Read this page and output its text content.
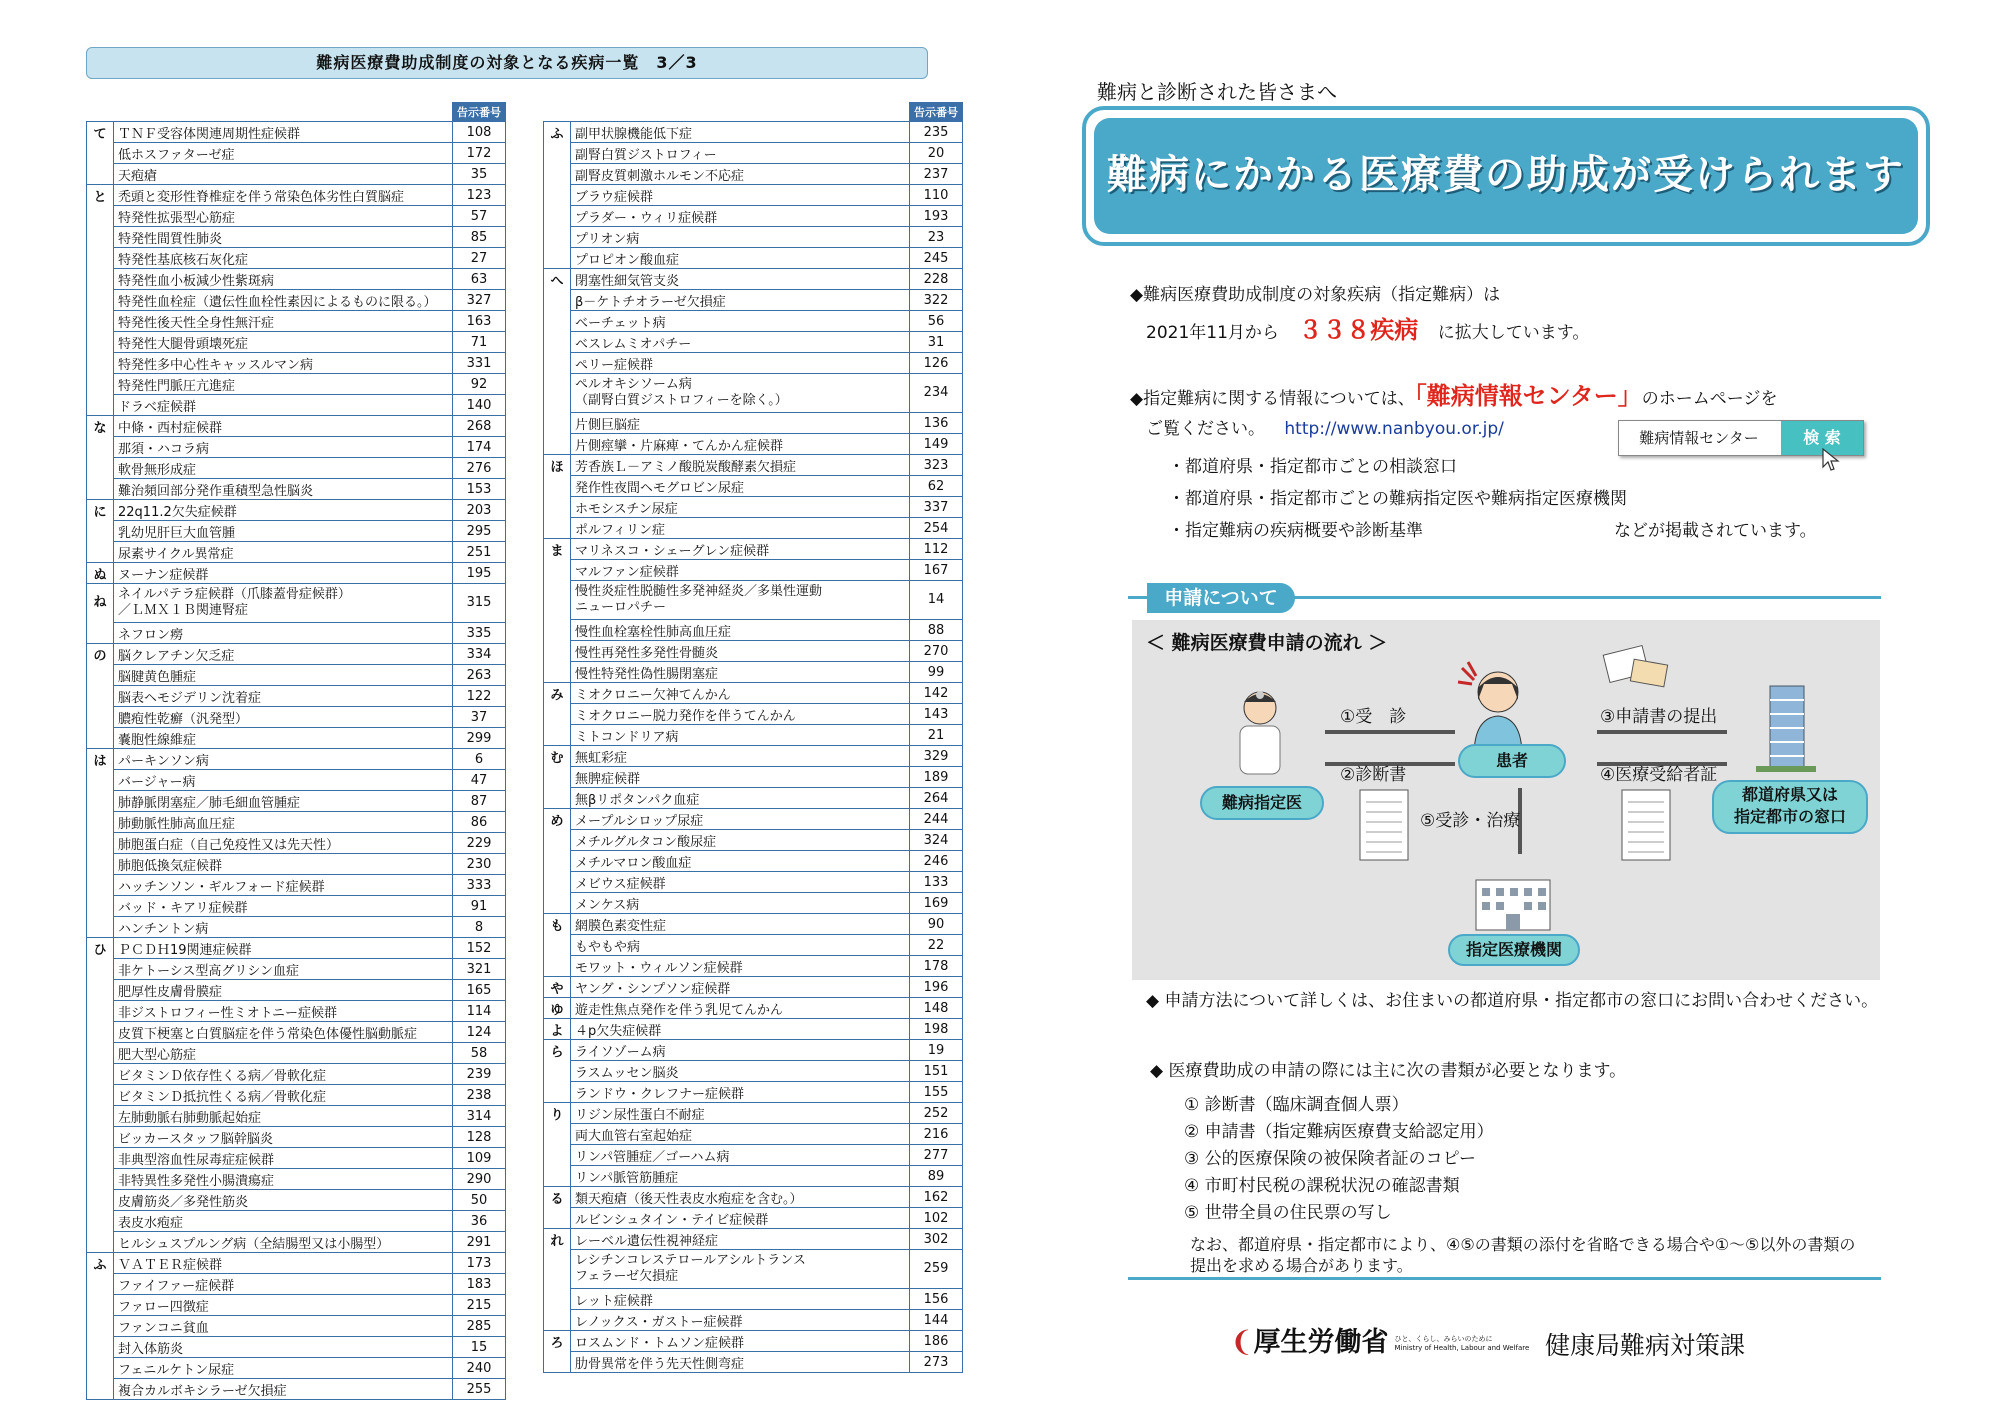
難病医療費助成制度の対象となる疾病一覧　3／3
		告示番号
て	ＴＮＦ受容体関連周期性症候群	108
	低ホスファターゼ症	172
	天疱瘡	35
と	禿頭と変形性脊椎症を伴う常染色体劣性白質脳症	123
	特発性拡張型心筋症	57
	特発性間質性肺炎	85
	特発性基底核石灰化症	27
	特発性血小板減少性紫斑病	63
	特発性血栓症（遺伝性血栓性素因によるものに限る。）	327
	特発性後天性全身性無汗症	163
	特発性大腿骨頭壊死症	71
	特発性多中心性キャッスルマン病	331
	特発性門脈圧亢進症	92
	ドラベ症候群	140
な	中條・西村症候群	268
	那須・ハコラ病	174
	軟骨無形成症	276
	難治頻回部分発作重積型急性脳炎	153
に	22q11.2欠失症候群	203
	乳幼児肝巨大血管腫	295
	尿素サイクル異常症	251
ぬ	ヌーナン症候群	195
ね	ネイルパテラ症候群（爪膝蓋骨症候群）
／ＬＭＸ１Ｂ関連腎症	315
	ネフロン癆	335
の	脳クレアチン欠乏症	334
	脳腱黄色腫症	263
	脳表ヘモジデリン沈着症	122
	膿疱性乾癬（汎発型）	37
	嚢胞性線維症	299
は	パーキンソン病	6
	バージャー病	47
	肺静脈閉塞症／肺毛細血管腫症	87
	肺動脈性肺高血圧症	86
	肺胞蛋白症（自己免疫性又は先天性）	229
	肺胞低換気症候群	230
	ハッチンソン・ギルフォード症候群	333
	バッド・キアリ症候群	91
	ハンチントン病	8
ひ	ＰＣＤＨ19関連症候群	152
	非ケトーシス型高グリシン血症	321
	肥厚性皮膚骨膜症	165
	非ジストロフィー性ミオトニー症候群	114
	皮質下梗塞と白質脳症を伴う常染色体優性脳動脈症	124
	肥大型心筋症	58
	ビタミンＤ依存性くる病／骨軟化症	239
	ビタミンＤ抵抗性くる病／骨軟化症	238
	左肺動脈右肺動脈起始症	314
	ビッカースタッフ脳幹脳炎	128
	非典型溶血性尿毒症症候群	109
	非特異性多発性小腸潰瘍症	290
	皮膚筋炎／多発性筋炎	50
	表皮水疱症	36
	ヒルシュスプルング病（全結腸型又は小腸型）	291
ふ	ＶＡＴＥＲ症候群	173
	ファイファー症候群	183
	ファロー四徴症	215
	ファンコニ貧血	285
	封入体筋炎	15
	フェニルケトン尿症	240
	複合カルボキシラーゼ欠損症	255
		告示番号
ふ	副甲状腺機能低下症	235
	副腎白質ジストロフィー	20
	副腎皮質刺激ホルモン不応症	237
	ブラウ症候群	110
	プラダー・ウィリ症候群	193
	プリオン病	23
	プロピオン酸血症	245
へ	閉塞性細気管支炎	228
	β－ケトチオラーゼ欠損症	322
	ベーチェット病	56
	ベスレムミオパチー	31
	ペリー症候群	126
	ペルオキシソーム病
（副腎白質ジストロフィーを除く。）	234
	片側巨脳症	136
	片側痙攣・片麻痺・てんかん症候群	149
ほ	芳香族Ｌ－アミノ酸脱炭酸酵素欠損症	323
	発作性夜間ヘモグロビン尿症	62
	ホモシスチン尿症	337
	ポルフィリン症	254
ま	マリネスコ・シェーグレン症候群	112
	マルファン症候群	167
	慢性炎症性脱髄性多発神経炎／多巣性運動
ニューロパチー	14
	慢性血栓塞栓性肺高血圧症	88
	慢性再発性多発性骨髄炎	270
	慢性特発性偽性腸閉塞症	99
み	ミオクロニー欠神てんかん	142
	ミオクロニー脱力発作を伴うてんかん	143
	ミトコンドリア病	21
む	無虹彩症	329
	無脾症候群	189
	無βリポタンパク血症	264
め	メープルシロップ尿症	244
	メチルグルタコン酸尿症	324
	メチルマロン酸血症	246
	メビウス症候群	133
	メンケス病	169
も	網膜色素変性症	90
	もやもや病	22
	モワット・ウィルソン症候群	178
や	ヤング・シンプソン症候群	196
ゆ	遊走性焦点発作を伴う乳児てんかん	148
よ	４p欠失症候群	198
ら	ライソゾーム病	19
	ラスムッセン脳炎	151
	ランドウ・クレフナー症候群	155
り	リジン尿性蛋白不耐症	252
	両大血管右室起始症	216
	リンパ管腫症／ゴーハム病	277
	リンパ脈管筋腫症	89
る	類天疱瘡（後天性表皮水疱症を含む。）	162
	ルビンシュタイン・テイビ症候群	102
れ	レーベル遺伝性視神経症	302
	レシチンコレステロールアシルトランス
フェラーゼ欠損症	259
	レット症候群	156
	レノックス・ガストー症候群	144
ろ	ロスムンド・トムソン症候群	186
	肋骨異常を伴う先天性側弯症	273
難病と診断された皆さまへ
難病にかかる医療費の助成が受けられます
◆難病医療費助成制度の対象疾病（指定難病）は
2021年11月から ３３８疾病 に拡大しています。
◆指定難病に関する情報については、「難病情報センター」のホームページを
ご覧ください。 http://www.nanbyou.or.jp/	難病情報センター	検 索
・都道府県・指定都市ごとの相談窓口
・都道府県・指定都市ごとの難病指定医や難病指定医療機関
・指定難病の疾病概要や診断基準	などが掲載されています。
申請について
＜ 難病医療費申請の流れ ＞
①受　診
②診断書
③申請書の提出
④医療受給者証
⑤受診・治療
難病指定医
患者
都道府県又は
指定都市の窓口
指定医療機関
◆ 申請方法について詳しくは、お住まいの都道府県・指定都市の窓口にお問い合わせください。
◆ 医療費助成の申請の際には主に次の書類が必要となります。
① 診断書（臨床調査個人票）
② 申請書（指定難病医療費支給認定用）
③ 公的医療保険の被保険者証のコピー
④ 市町村民税の課税状況の確認書類
⑤ 世帯全員の住民票の写し
なお、都道府県・指定都市により、④⑤の書類の添付を省略できる場合や①～⑤以外の書類の提出を求める場合があります。
❨厚生労働省 ひと、くらし、みらいのために
Ministry of Health, Labour and Welfare 健康局難病対策課
